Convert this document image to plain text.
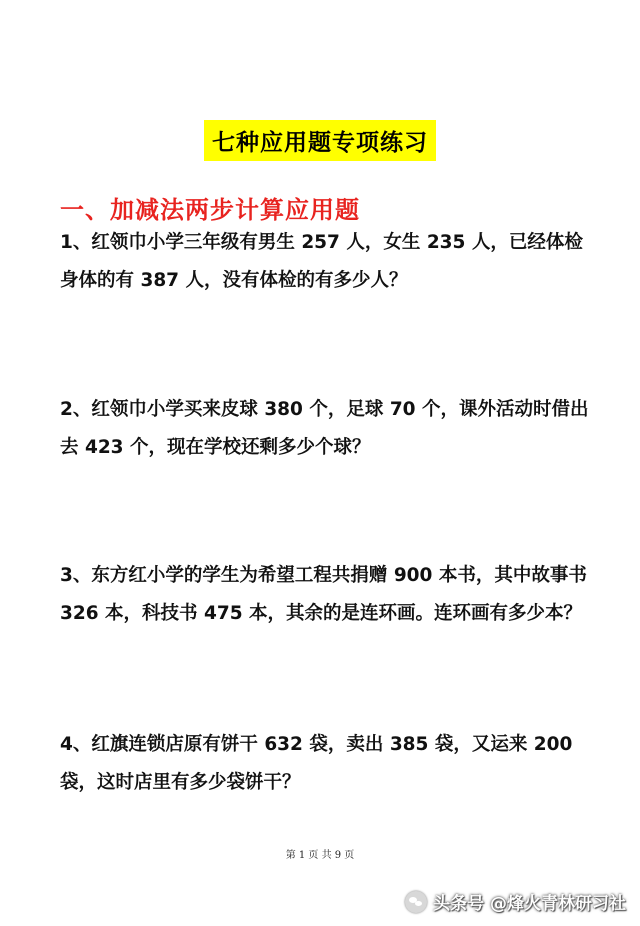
七种应用题专项练习
一、加减法两步计算应用题
1、红领巾小学三年级有男生 257 人，女生 235 人，已经体检身体的有 387 人，没有体检的有多少人？
2、红领巾小学买来皮球 380 个，足球 70 个，课外活动时借出去 423 个，现在学校还剩多少个球？
3、东方红小学的学生为希望工程共捐赠 900 本书，其中故事书 326 本，科技书 475 本，其余的是连环画。连环画有多少本？
4、红旗连锁店原有饼干 632 袋，卖出 385 袋，又运来 200 袋，这时店里有多少袋饼干？
第 1 页 共 9 页
头条号 @烽火青林研习社
